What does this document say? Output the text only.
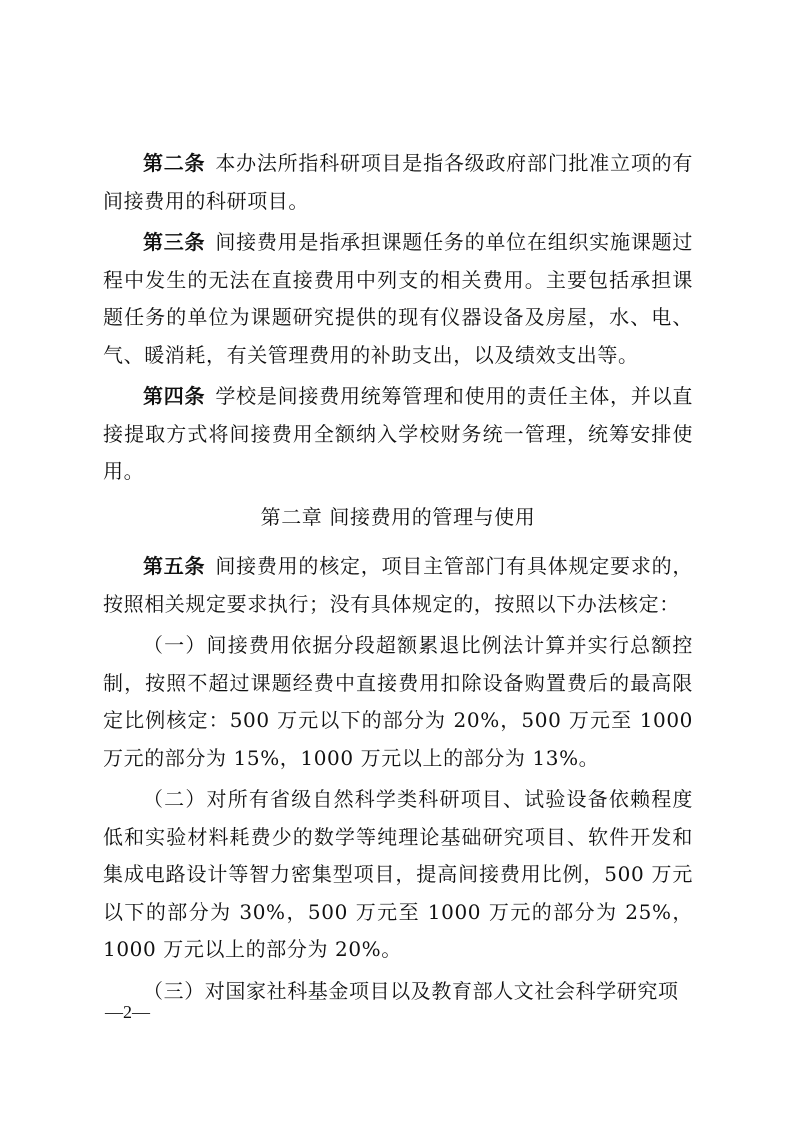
第二条 本办法所指科研项目是指各级政府部门批准立项的有间接费用的科研项目。

第三条 间接费用是指承担课题任务的单位在组织实施课题过程中发生的无法在直接费用中列支的相关费用。主要包括承担课题任务的单位为课题研究提供的现有仪器设备及房屋，水、电、气、暖消耗，有关管理费用的补助支出，以及绩效支出等。

第四条 学校是间接费用统筹管理和使用的责任主体，并以直接提取方式将间接费用全额纳入学校财务统一管理，统筹安排使用。

第二章 间接费用的管理与使用

第五条 间接费用的核定，项目主管部门有具体规定要求的，按照相关规定要求执行；没有具体规定的，按照以下办法核定：

（一）间接费用依据分段超额累退比例法计算并实行总额控制，按照不超过课题经费中直接费用扣除设备购置费后的最高限定比例核定：500 万元以下的部分为 20%，500 万元至 1000 万元的部分为 15%，1000 万元以上的部分为 13%。

（二）对所有省级自然科学类科研项目、试验设备依赖程度低和实验材料耗费少的数学等纯理论基础研究项目、软件开发和集成电路设计等智力密集型项目，提高间接费用比例，500 万元以下的部分为 30%，500 万元至 1000 万元的部分为 25%，1000 万元以上的部分为 20%。

（三）对国家社科基金项目以及教育部人文社会科学研究项

—2—
